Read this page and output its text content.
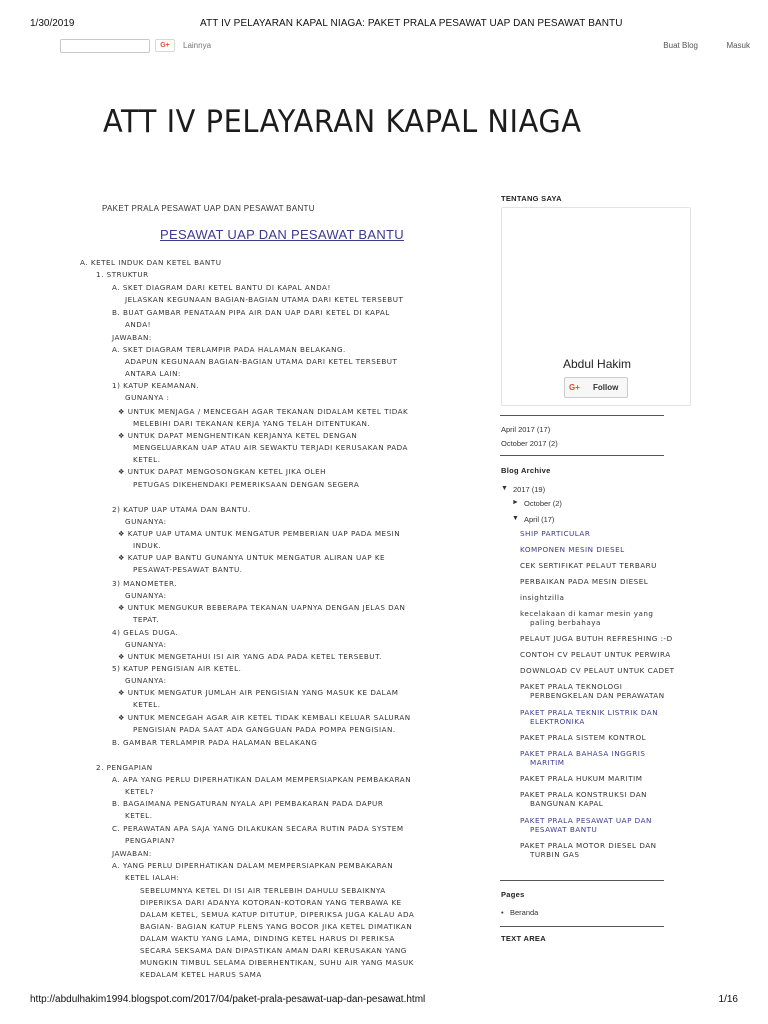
1/30/2019	ATT IV PELAYARAN KAPAL NIAGA: PAKET PRALA PESAWAT UAP DAN PESAWAT BANTU
G+	Lainnya	Buat Blog	Masuk
ATT IV PELAYARAN KAPAL NIAGA
PAKET PRALA PESAWAT UAP DAN PESAWAT BANTU
PESAWAT UAP DAN PESAWAT BANTU
A. KETEL INDUK DAN KETEL BANTU
1. STRUKTUR
A. SKET DIAGRAM DARI KETEL BANTU DI KAPAL ANDA!
JELASKAN KEGUNAAN BAGIAN-BAGIAN UTAMA DARI KETEL TERSEBUT
B. BUAT GAMBAR PENATAAN PIPA AIR DAN UAP DARI KETEL DI KAPAL
ANDA!
JAWABAN:
A. SKET DIAGRAM TERLAMPIR PADA HALAMAN BELAKANG.
ADAPUN KEGUNAAN BAGIAN-BAGIAN UTAMA DARI KETEL TERSEBUT
ANTARA LAIN:
1) KATUP KEAMANAN.
GUNANYA :
❖ UNTUK MENJAGA / MENCEGAH AGAR TEKANAN DIDALAM KETEL TIDAK
MELEBIHI DARI TEKANAN KERJA YANG TELAH DITENTUKAN.
❖ UNTUK DAPAT MENGHENTIKAN KERJANYA KETEL DENGAN
MENGELUARKAN UAP ATAU AIR SEWAKTU TERJADI KERUSAKAN PADA
KETEL.
❖ UNTUK DAPAT MENGOSONGKAN KETEL JIKA OLEH
PETUGAS DIKEHENDAKI PEMERIKSAAN DENGAN SEGERA
2) KATUP UAP UTAMA DAN BANTU.
GUNANYA:
❖ KATUP UAP UTAMA UNTUK MENGATUR PEMBERIAN UAP PADA MESIN
INDUK.
❖ KATUP UAP BANTU GUNANYA UNTUK MENGATUR ALIRAN UAP KE
PESAWAT-PESAWAT BANTU.
3) MANOMETER.
GUNANYA:
❖ UNTUK MENGUKUR BEBERAPA TEKANAN UAPNYA DENGAN JELAS DAN
TEPAT.
4) GELAS DUGA.
GUNANYA:
❖ UNTUK MENGETAHUI ISI AIR YANG ADA PADA KETEL TERSEBUT.
5) KATUP PENGISIAN AIR KETEL.
GUNANYA:
❖ UNTUK MENGATUR JUMLAH AIR PENGISIAN YANG MASUK KE DALAM
KETEL.
❖ UNTUK MENCEGAH AGAR AIR KETEL TIDAK KEMBALI KELUAR SALURAN
PENGISIAN PADA SAAT ADA GANGGUAN PADA POMPA PENGISIAN.
B. GAMBAR TERLAMPIR PADA HALAMAN BELAKANG
2. PENGAPIAN
A. APA YANG PERLU DIPERHATIKAN DALAM MEMPERSIAPKAN PEMBAKARAN
KETEL?
B. BAGAIMANA PENGATURAN NYALA API PEMBAKARAN PADA DAPUR
KETEL.
C. PERAWATAN APA SAJA YANG DILAKUKAN SECARA RUTIN PADA SYSTEM
PENGAPIAN?
JAWABAN:
A. YANG PERLU DIPERHATIKAN DALAM MEMPERSIAPKAN PEMBAKARAN
KETEL IALAH:
SEBELUMNYA KETEL DI ISI AIR TERLEBIH DAHULU SEBAIKNYA
DIPERIKSA DARI ADANYA KOTORAN-KOTORAN YANG TERBAWA KE
DALAM KETEL, SEMUA KATUP DITUTUP, DIPERIKSA JUGA KALAU ADA
BAGIAN- BAGIAN KATUP FLENS YANG BOCOR JIKA KETEL DIMATIKAN
DALAM WAKTU YANG LAMA, DINDING KETEL HARUS DI PERIKSA
SECARA SEKSAMA DAN DIPASTIKAN AMAN DARI KERUSAKAN YANG
MUNGKIN TIMBUL SELAMA DIBERHENTIKAN, SUHU AIR YANG MASUK
KEDALAM KETEL HARUS SAMA
TENTANG SAYA
Abdul Hakim
G+ Follow
April 2017 (17)
October 2017 (2)
Blog Archive
▼ 2017 (19)
► October (2)
▼ April (17)
SHIP PARTICULAR
KOMPONEN MESIN DIESEL
CEK SERTIFIKAT PELAUT TERBARU
PERBAIKAN PADA MESIN DIESEL
insightzilla
kecelakaan di kamar mesin yang
paling berbahaya
PELAUT JUGA BUTUH REFRESHING :-D
CONTOH CV PELAUT UNTUK PERWIRA
DOWNLOAD CV PELAUT UNTUK CADET
PAKET PRALA TEKNOLOGI
PERBENGKELAN DAN PERAWATAN
PAKET PRALA TEKNIK LISTRIK DAN
ELEKTRONIKA
PAKET PRALA SISTEM KONTROL
PAKET PRALA BAHASA INGGRIS
MARITIM
PAKET PRALA HUKUM MARITIM
PAKET PRALA KONSTRUKSI DAN
BANGUNAN KAPAL
PAKET PRALA PESAWAT UAP DAN
PESAWAT BANTU
PAKET PRALA MOTOR DIESEL DAN
TURBIN GAS
Pages
• Beranda
TEXT AREA
http://abdulhakim1994.blogspot.com/2017/04/paket-prala-pesawat-uap-dan-pesawat.html	1/16
